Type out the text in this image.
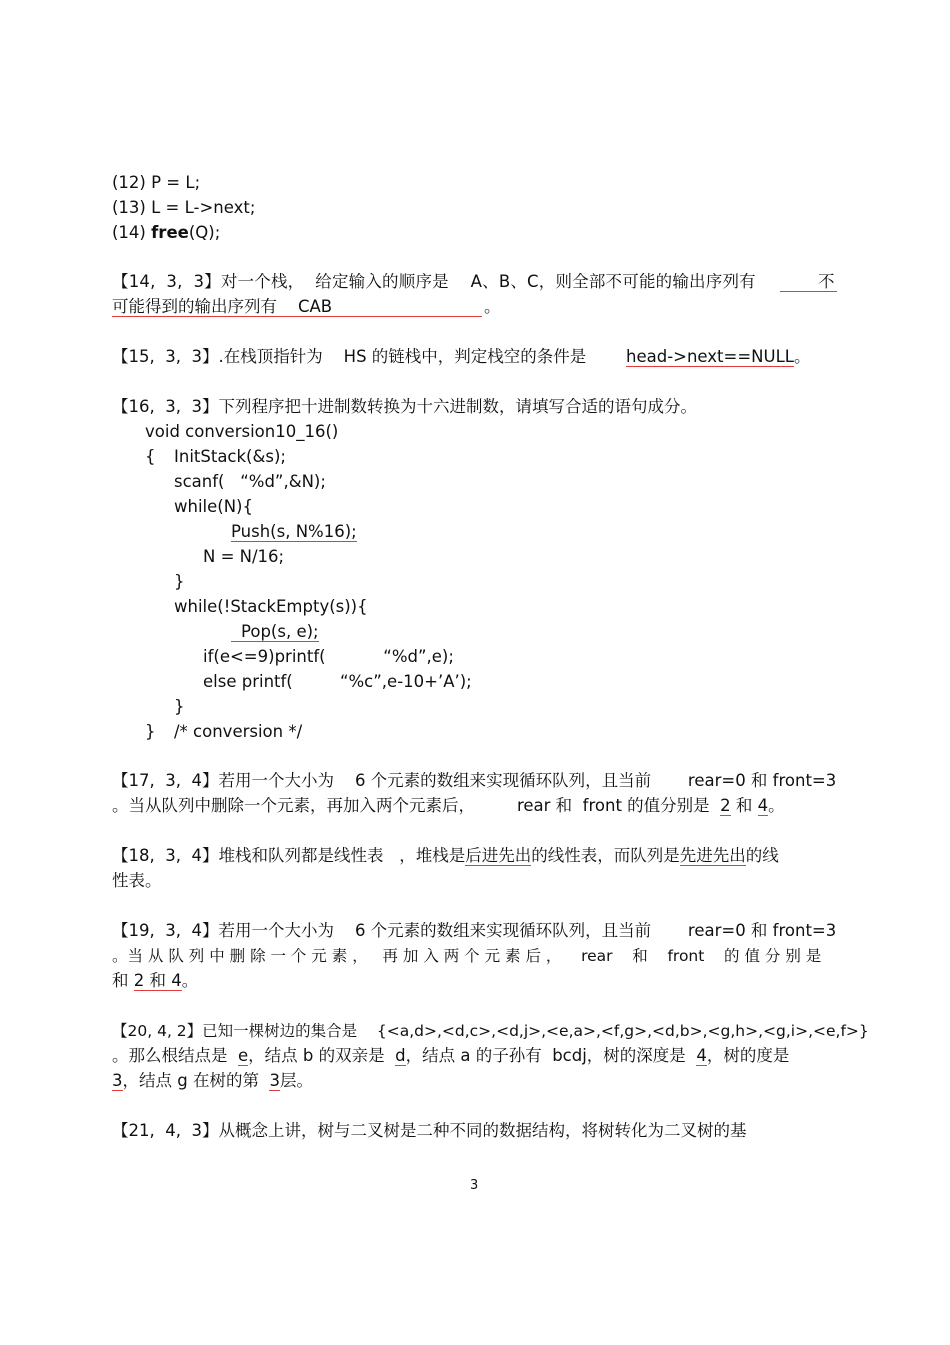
(12) P = L;
(13) L = L->next;
(14) free(Q);
【14,  3,  3】对一个栈，  给定输入的顺序是    A、B、C，则全部不可能的输出序列有	不
可能得到的输出序列有    CAB	。
【15,  3,  3】.在栈顶指针为    HS 的链栈中，判定栈空的条件是 head->next==NULL。
【16,  3,  3】下列程序把十进制数转换为十六进制数，请填写合适的语句成分。
void conversion10_16()
{ InitStack(&s);
scanf(   “%d”,&N);
while(N){
Push(s, N%16);
N = N/16;
}
while(!StackEmpty(s)){
Pop(s, e);
if(e<=9)printf(           “%d”,e);
else printf(         “%c”,e-10+’A’);
}
} /* conversion */
【17,  3,  4】若用一个大小为    6 个元素的数组来实现循环队列，且当前       rear=0 和 front=3
。当从队列中删除一个元素，再加入两个元素后，        rear 和  front 的值分别是 2 和 4。
【18,  3,  4】堆栈和队列都是线性表   ，堆栈是后进先出的线性表，而队列是先进先出的线
性表。
【19,  3,  4】若用一个大小为    6 个元素的数组来实现循环队列，且当前       rear=0 和 front=3
。当 从 队 列 中 删 除 一 个 元 素 ，   再 加 入 两 个 元 素 后 ，    rear    和    front    的 值 分 别 是
和 2 和 4。
【20, 4, 2】已知一棵树边的集合是    {<a,d>,<d,c>,<d,j>,<e,a>,<f,g>,<d,b>,<g,h>,<g,i>,<e,f>}
。那么根结点是 e，结点 b 的双亲是 d，结点 a 的子孙有  bcdj，树的深度是 4，树的度是
3，结点 g 在树的第 3层。
【21,  4,  3】从概念上讲，树与二叉树是二种不同的数据结构，将树转化为二叉树的基
3
